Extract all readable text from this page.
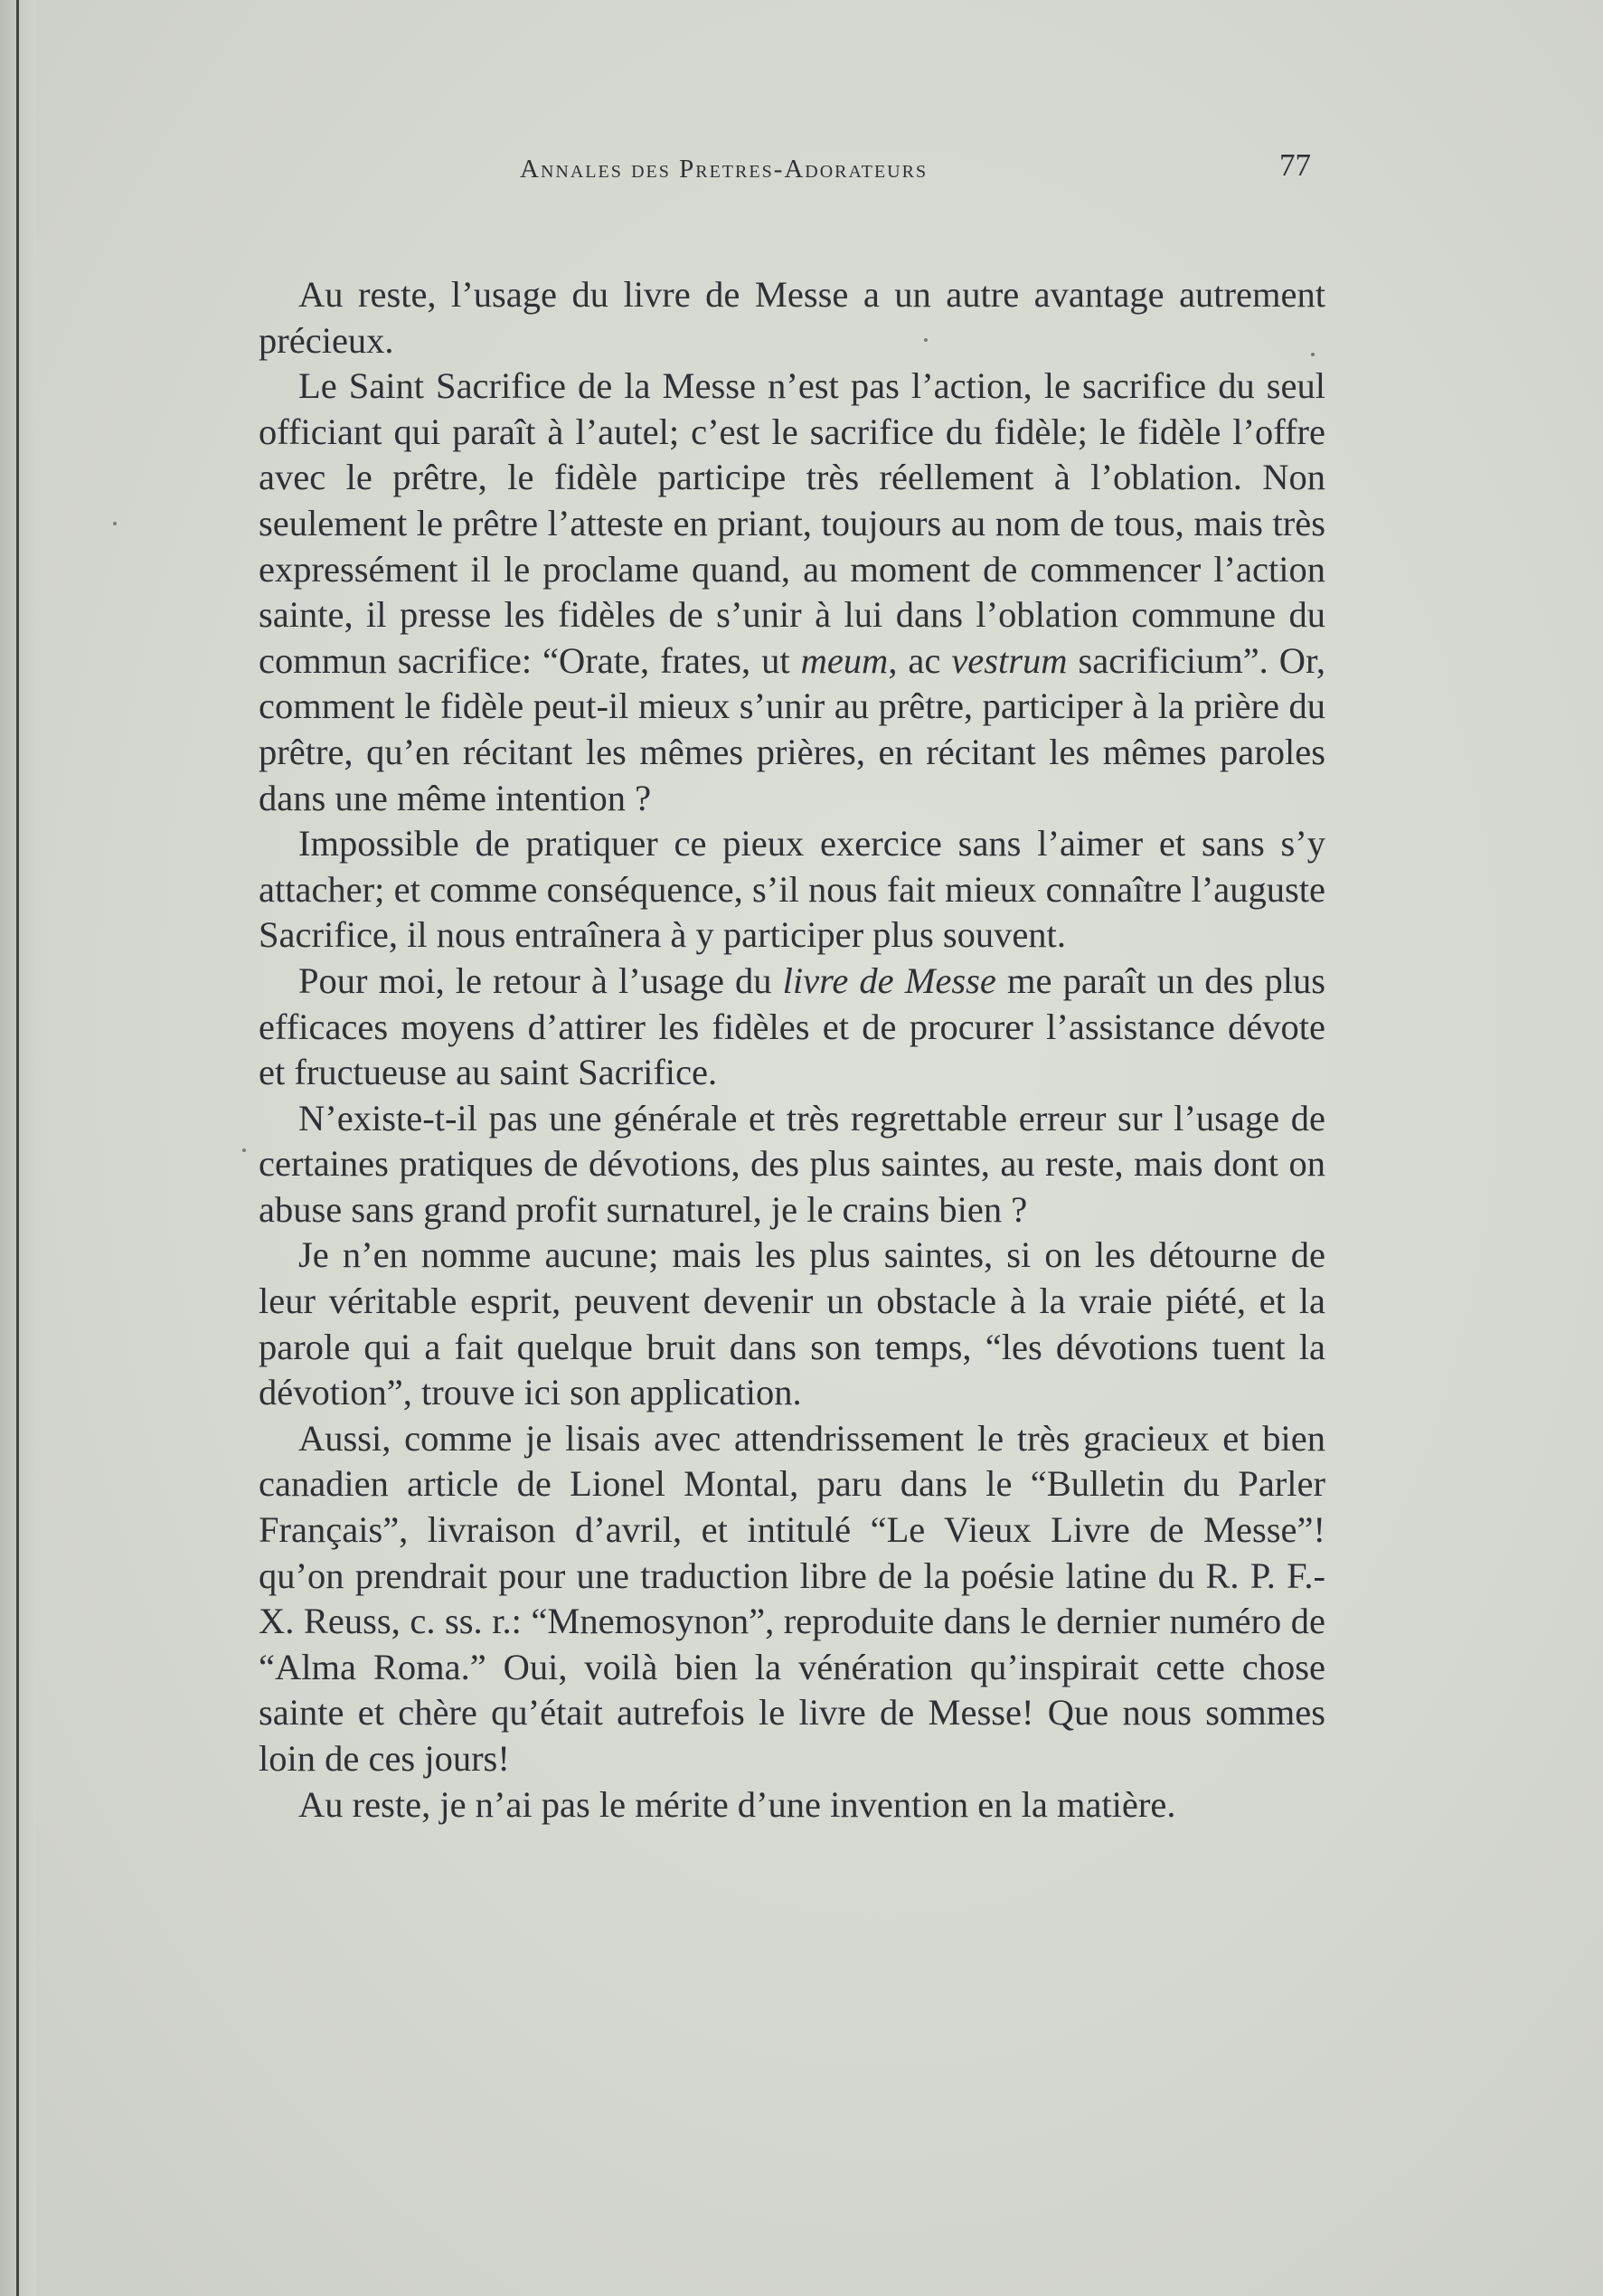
Annales des Pretres-Adorateurs	77

Au reste, l’usage du livre de Messe a un autre avantage autrement précieux.

Le Saint Sacrifice de la Messe n’est pas l’action, le sacrifice du seul officiant qui paraît à l’autel; c’est le sacrifice du fidèle; le fidèle l’offre avec le prêtre, le fidèle participe très réellement à l’oblation. Non seulement le prêtre l’atteste en priant, toujours au nom de tous, mais très expressément il le proclame quand, au moment de commencer l’action sainte, il presse les fidèles de s’unir à lui dans l’oblation commune du commun sacrifice: “Orate, frates, ut meum, ac vestrum sacrificium”. Or, comment le fidèle peut-il mieux s’unir au prêtre, participer à la prière du prêtre, qu’en récitant les mêmes prières, en récitant les mêmes paroles dans une même intention ?

Impossible de pratiquer ce pieux exercice sans l’aimer et sans s’y attacher; et comme conséquence, s’il nous fait mieux connaître l’auguste Sacrifice, il nous entraînera à y participer plus souvent.

Pour moi, le retour à l’usage du livre de Messe me paraît un des plus efficaces moyens d’attirer les fidèles et de procurer l’assistance dévote et fructueuse au saint Sacrifice.

N’existe-t-il pas une générale et très regrettable erreur sur l’usage de certaines pratiques de dévotions, des plus saintes, au reste, mais dont on abuse sans grand profit surnaturel, je le crains bien ?

Je n’en nomme aucune; mais les plus saintes, si on les détourne de leur véritable esprit, peuvent devenir un obstacle à la vraie piété, et la parole qui a fait quelque bruit dans son temps, “les dévotions tuent la dévotion”, trouve ici son application.

Aussi, comme je lisais avec attendrissement le très gracieux et bien canadien article de Lionel Montal, paru dans le “Bulletin du Parler Français”, livraison d’avril, et intitulé “Le Vieux Livre de Messe”! qu’on prendrait pour une traduction libre de la poésie latine du R. P. F.-X. Reuss, c. ss. r.: “Mnemosynon”, reproduite dans le dernier numéro de “Alma Roma.” Oui, voilà bien la vénération qu’inspirait cette chose sainte et chère qu’était autrefois le livre de Messe! Que nous sommes loin de ces jours!

Au reste, je n’ai pas le mérite d’une invention en la matière.
